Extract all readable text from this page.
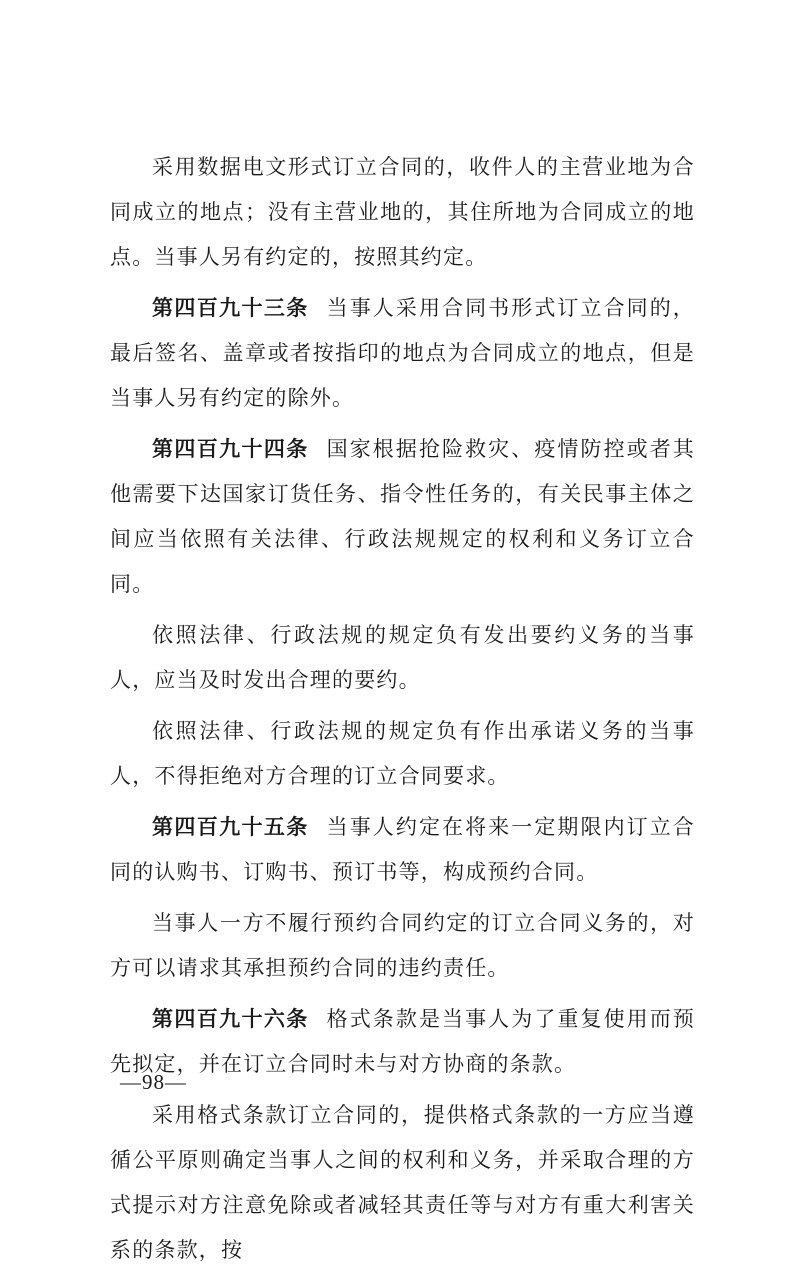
采用数据电文形式订立合同的，收件人的主营业地为合同成立的地点；没有主营业地的，其住所地为合同成立的地点。当事人另有约定的，按照其约定。

第四百九十三条 当事人采用合同书形式订立合同的，最后签名、盖章或者按指印的地点为合同成立的地点，但是当事人另有约定的除外。

第四百九十四条 国家根据抢险救灾、疫情防控或者其他需要下达国家订货任务、指令性任务的，有关民事主体之间应当依照有关法律、行政法规规定的权利和义务订立合同。

依照法律、行政法规的规定负有发出要约义务的当事人，应当及时发出合理的要约。

依照法律、行政法规的规定负有作出承诺义务的当事人，不得拒绝对方合理的订立合同要求。

第四百九十五条 当事人约定在将来一定期限内订立合同的认购书、订购书、预订书等，构成预约合同。

当事人一方不履行预约合同约定的订立合同义务的，对方可以请求其承担预约合同的违约责任。

第四百九十六条 格式条款是当事人为了重复使用而预先拟定，并在订立合同时未与对方协商的条款。

采用格式条款订立合同的，提供格式条款的一方应当遵循公平原则确定当事人之间的权利和义务，并采取合理的方式提示对方注意免除或者减轻其责任等与对方有重大利害关系的条款，按

—98—
